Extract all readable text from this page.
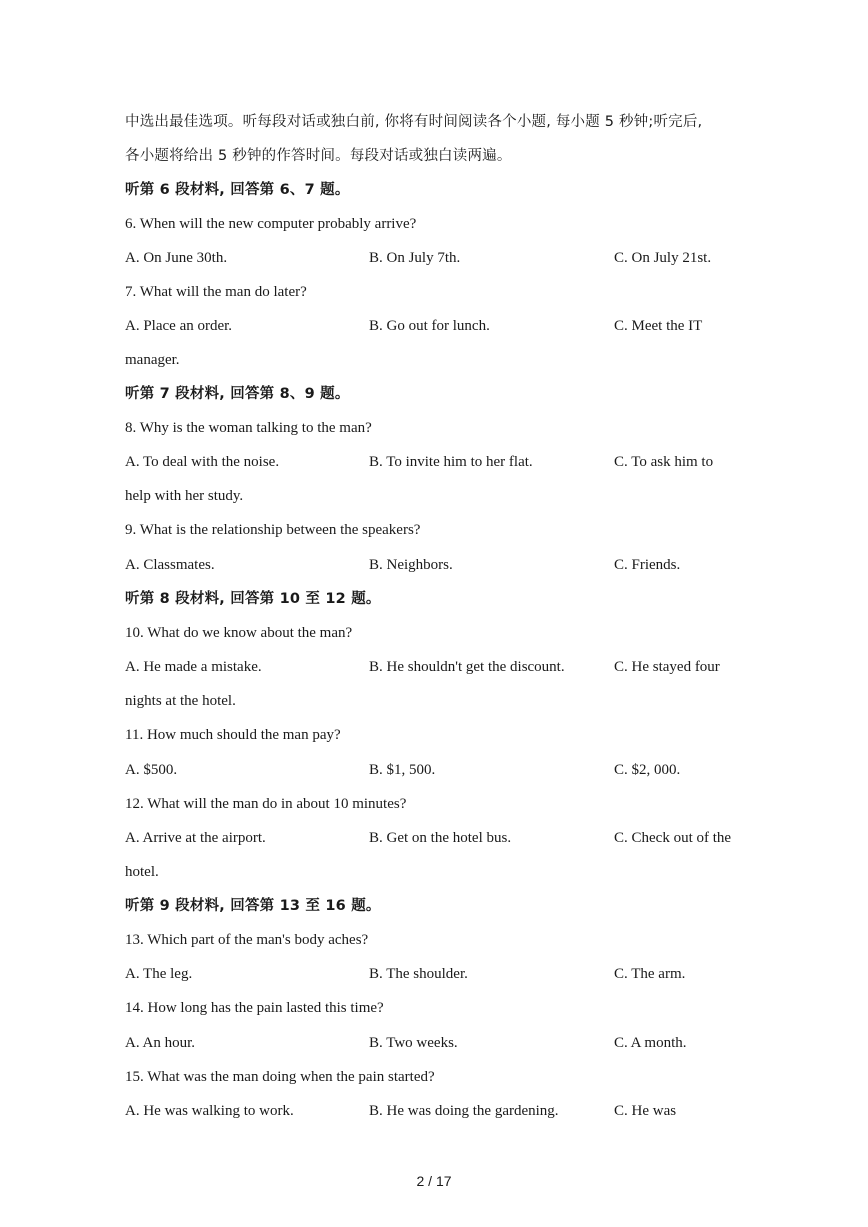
中选出最佳选项。听每段对话或独白前, 你将有时间阅读各个小题, 每小题 5 秒钟;听完后,
各小题将给出 5 秒钟的作答时间。每段对话或独白读两遍。
听第 6 段材料, 回答第 6、7 题。
6. When will the new computer probably arrive?
A. On June 30th.	B. On July 7th.	C. On July 21st.
7. What will the man do later?
A. Place an order.	B. Go out for lunch.	C. Meet the IT
manager.
听第 7 段材料, 回答第 8、9 题。
8. Why is the woman talking to the man?
A. To deal with the noise.	B. To invite him to her flat.	C. To ask him to
help with her study.
9. What is the relationship between the speakers?
A. Classmates.	B. Neighbors.	C. Friends.
听第 8 段材料, 回答第 10 至 12 题。
10. What do we know about the man?
A. He made a mistake.	B. He shouldn't get the discount.	C. He stayed four
nights at the hotel.
11. How much should the man pay?
A. $500.	B. $1, 500.	C. $2, 000.
12. What will the man do in about 10 minutes?
A. Arrive at the airport.	B. Get on the hotel bus.	C. Check out of the
hotel.
听第 9 段材料, 回答第 13 至 16 题。
13. Which part of the man's body aches?
A. The leg.	B. The shoulder.	C. The arm.
14. How long has the pain lasted this time?
A. An hour.	B. Two weeks.	C. A month.
15. What was the man doing when the pain started?
A. He was walking to work.	B. He was doing the gardening.	C. He was
2 / 17
